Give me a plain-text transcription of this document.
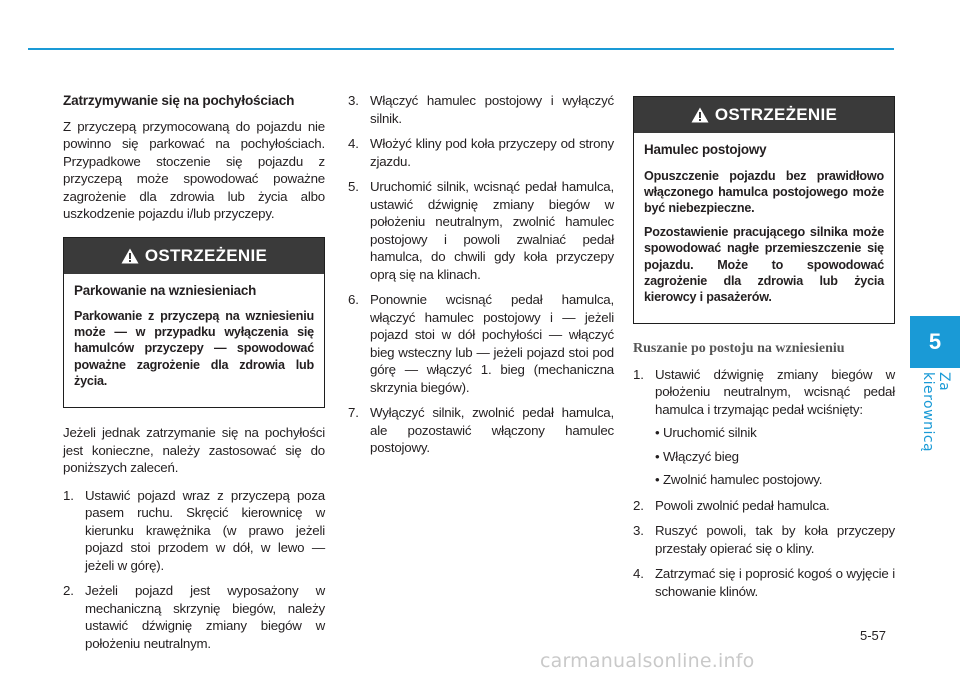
5
Za kierownicą
Zatrzymywanie się na pochyłościach

Z przyczepą przymocowaną do pojazdu nie powinno się parkować na pochyłościach. Przypadkowe stoczenie się pojazdu z przyczepą może spowodować poważne zagrożenie dla zdrowia lub życia albo uszkodzenie pojazdu i/lub przyczepy.

OSTRZEŻENIE
Parkowanie na wzniesieniach
Parkowanie z przyczepą na wzniesieniu może — w przypadku wyłączenia się hamulców przyczepy — spowodować poważne zagrożenie dla zdrowia lub życia.

Jeżeli jednak zatrzymanie się na pochyłości jest konieczne, należy zastosować się do poniższych zaleceń.

1. Ustawić pojazd wraz z przyczepą poza pasem ruchu. Skręcić kierownicę w kierunku krawężnika (w prawo jeżeli pojazd stoi przodem w dół, w lewo — jeżeli w górę).
2. Jeżeli pojazd jest wyposażony w mechaniczną skrzynię biegów, należy ustawić dźwignię zmiany biegów w położeniu neutralnym.
3. Włączyć hamulec postojowy i wyłączyć silnik.
4. Włożyć kliny pod koła przyczepy od strony zjazdu.
5. Uruchomić silnik, wcisnąć pedał hamulca, ustawić dźwignię zmiany biegów w położeniu neutralnym, zwolnić hamulec postojowy i powoli zwalniać pedał hamulca, do chwili gdy koła przyczepy oprą się na klinach.
6. Ponownie wcisnąć pedał hamulca, włączyć hamulec postojowy i — jeżeli pojazd stoi w dół pochyłości — włączyć bieg wsteczny lub — jeżeli pojazd stoi pod górę — włączyć 1. bieg (mechaniczna skrzynia biegów).
7. Wyłączyć silnik, zwolnić pedał hamulca, ale pozostawić włączony hamulec postojowy.
OSTRZEŻENIE
Hamulec postojowy
Opuszczenie pojazdu bez prawidłowo włączonego hamulca postojowego może być niebezpieczne.
Pozostawienie pracującego silnika może spowodować nagłe przemieszczenie się pojazdu. Może to spowodować zagrożenie dla zdrowia lub życia kierowcy i pasażerów.
Ruszanie po postoju na wzniesieniu
1. Ustawić dźwignię zmiany biegów w położeniu neutralnym, wcisnąć pedał hamulca i trzymając pedał wciśnięty:
• Uruchomić silnik
• Włączyć bieg
• Zwolnić hamulec postojowy.
2. Powoli zwolnić pedał hamulca.
3. Ruszyć powoli, tak by koła przyczepy przestały opierać się o kliny.
4. Zatrzymać się i poprosić kogoś o wyjęcie i schowanie klinów.
5-57
carmanualsonline.info
